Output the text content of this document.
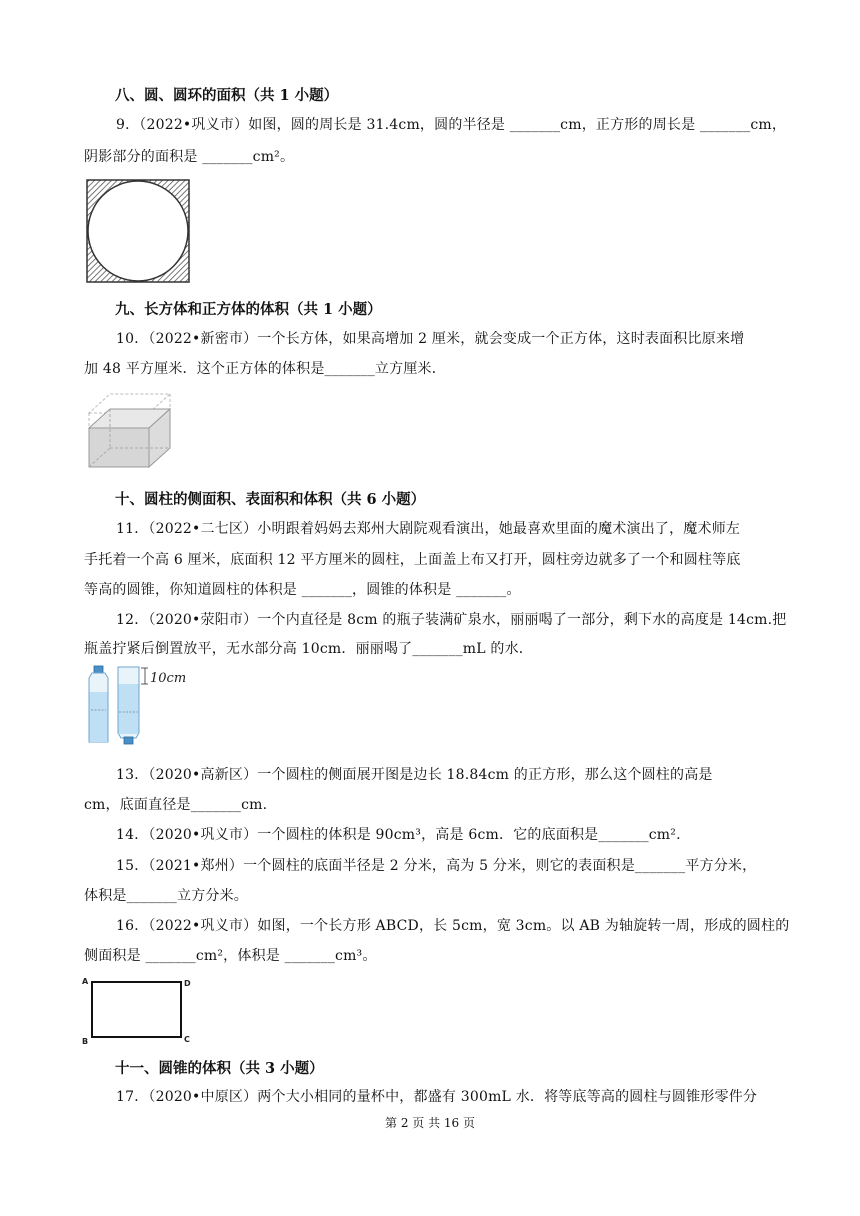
八、圆、圆环的面积（共 1 小题）
9．（2022•巩义市）如图，圆的周长是 31.4cm，圆的半径是 _______cm，正方形的周长是 _______cm，
阴影部分的面积是 _______cm²。
九、长方体和正方体的体积（共 1 小题）
10．（2022•新密市）一个长方体，如果高增加 2 厘米，就会变成一个正方体，这时表面积比原来增
加 48 平方厘米．这个正方体的体积是_______立方厘米．
十、圆柱的侧面积、表面积和体积（共 6 小题）
11．（2022•二七区）小明跟着妈妈去郑州大剧院观看演出，她最喜欢里面的魔术演出了，魔术师左
手托着一个高 6 厘米，底面积 12 平方厘米的圆柱，上面盖上布又打开，圆柱旁边就多了一个和圆柱等底
等高的圆锥，你知道圆柱的体积是 _______，圆锥的体积是 _______。
12．（2020•荥阳市）一个内直径是 8cm 的瓶子装满矿泉水，丽丽喝了一部分，剩下水的高度是 14cm.把
瓶盖拧紧后倒置放平，无水部分高 10cm．丽丽喝了_______mL 的水．
10cm
13．（2020•高新区）一个圆柱的侧面展开图是边长 18.84cm 的正方形，那么这个圆柱的高是
cm，底面直径是_______cm.
14．（2020•巩义市）一个圆柱的体积是 90cm³，高是 6cm．它的底面积是_______cm².
15．（2021•郑州）一个圆柱的底面半径是 2 分米，高为 5 分米，则它的表面积是_______平方分米，
体积是_______立方分米。
16．（2022•巩义市）如图，一个长方形 ABCD，长 5cm，宽 3cm。以 AB 为轴旋转一周，形成的圆柱的
侧面积是 _______cm²，体积是 _______cm³。
A
B	C
D
十一、圆锥的体积（共 3 小题）
17．（2020•中原区）两个大小相同的量杯中，都盛有 300mL 水．将等底等高的圆柱与圆锥形零件分
第 2 页 共 16 页
